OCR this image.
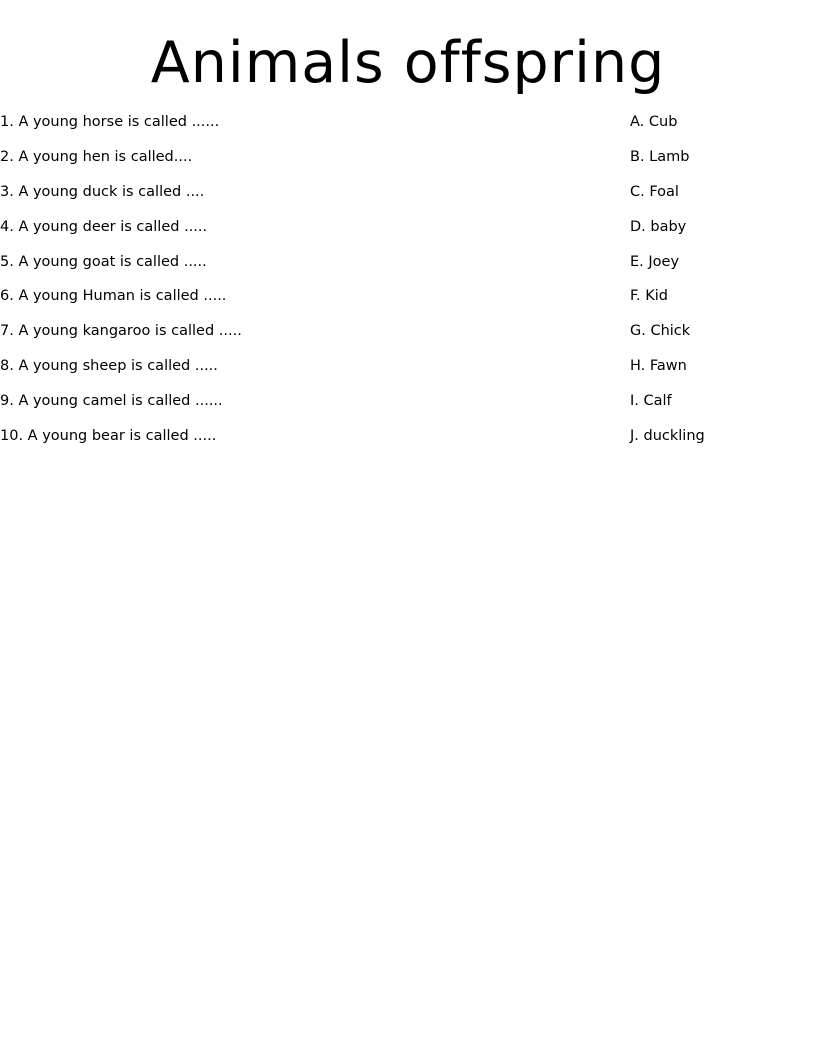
Animals offspring
1. A young horse is called ......
2. A young hen is called....
3. A young duck is called ....
4. A young deer is called .....
5. A young goat is called .....
6. A young Human is called .....
7. A young kangaroo is called .....
8. A young sheep is called .....
9. A young camel is called ......
10. A young bear is called .....
A. Cub
B. Lamb
C. Foal
D. baby
E. Joey
F. Kid
G. Chick
H. Fawn
I. Calf
J. duckling
